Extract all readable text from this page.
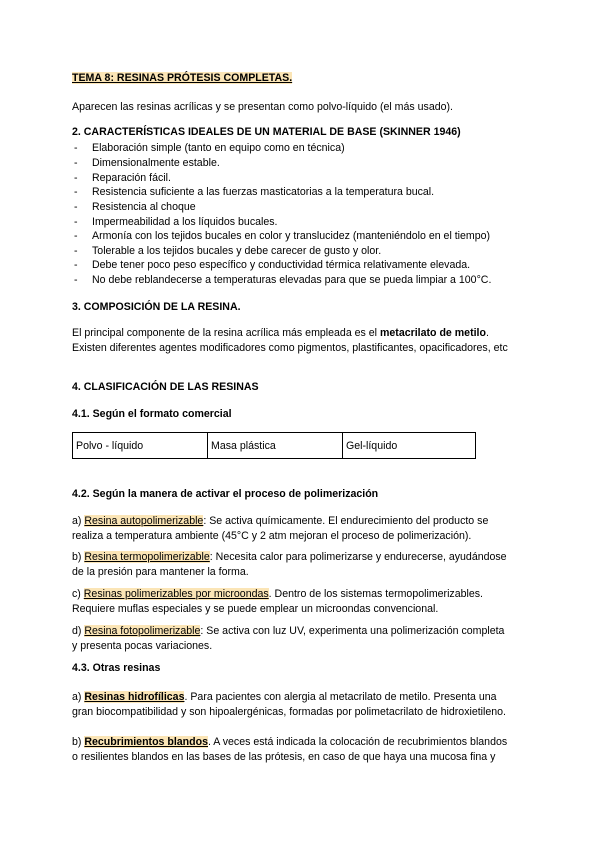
TEMA 8: RESINAS PRÓTESIS COMPLETAS.
Aparecen las resinas acrílicas y se presentan como polvo-líquido (el más usado).
2. CARACTERÍSTICAS IDEALES DE UN MATERIAL DE BASE (SKINNER 1946)
- Elaboración simple (tanto en equipo como en técnica)
- Dimensionalmente estable.
- Reparación fácil.
- Resistencia suficiente a las fuerzas masticatorias a la temperatura bucal.
- Resistencia al choque
- Impermeabilidad a los líquidos bucales.
- Armonía con los tejidos bucales en color y translucidez (manteniéndolo en el tiempo)
- Tolerable a los tejidos bucales y debe carecer de gusto y olor.
- Debe tener poco peso específico y conductividad térmica relativamente elevada.
- No debe reblandecerse a temperaturas elevadas para que se pueda limpiar a 100°C.
3. COMPOSICIÓN DE LA RESINA.
El principal componente de la resina acrílica más empleada es el metacrilato de metilo.
Existen diferentes agentes modificadores como pigmentos, plastificantes, opacificadores, etc
4. CLASIFICACIÓN DE LAS RESINAS
4.1. Según el formato comercial
Polvo - líquido	Masa plástica	Gel-líquido
4.2. Según la manera de activar el proceso de polimerización
a) Resina autopolimerizable: Se activa químicamente. El endurecimiento del producto se
realiza a temperatura ambiente (45°C y 2 atm mejoran el proceso de polimerización).
b) Resina termopolimerizable: Necesita calor para polimerizarse y endurecerse, ayudándose
de la presión para mantener la forma.
c) Resinas polimerizables por microondas. Dentro de los sistemas termopolimerizables.
Requiere muflas especiales y se puede emplear un microondas convencional.
d) Resina fotopolimerizable: Se activa con luz UV, experimenta una polimerización completa
y presenta pocas variaciones.
4.3. Otras resinas
a) Resinas hidrofílicas. Para pacientes con alergia al metacrilato de metilo. Presenta una
gran biocompatibilidad y son hipoalergénicas, formadas por polimetacrilato de hidroxietileno.
b) Recubrimientos blandos. A veces está indicada la colocación de recubrimientos blandos
o resilientes blandos en las bases de las prótesis, en caso de que haya una mucosa fina y
